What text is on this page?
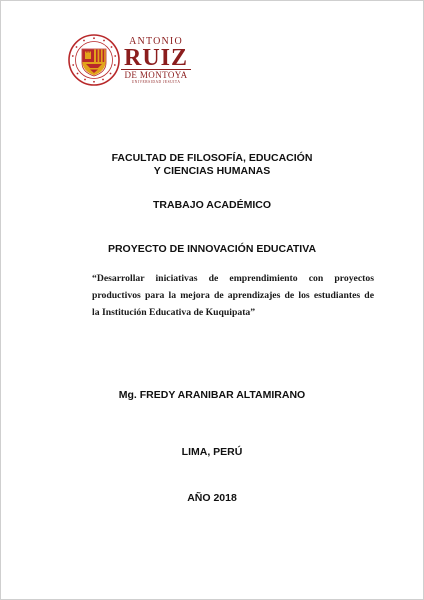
ANTONIO
RUIZ
DE MONTOYA
UNIVERSIDAD JESUITA
FACULTAD DE FILOSOFÍA, EDUCACIÓN
Y CIENCIAS HUMANAS
TRABAJO ACADÉMICO
PROYECTO DE INNOVACIÓN EDUCATIVA
“Desarrollar iniciativas de emprendimiento con proyectos
productivos para la mejora de aprendizajes de los estudiantes de
la Institución Educativa de Kuquipata”
Mg. FREDY ARANIBAR ALTAMIRANO
LIMA, PERÚ
AÑO 2018
